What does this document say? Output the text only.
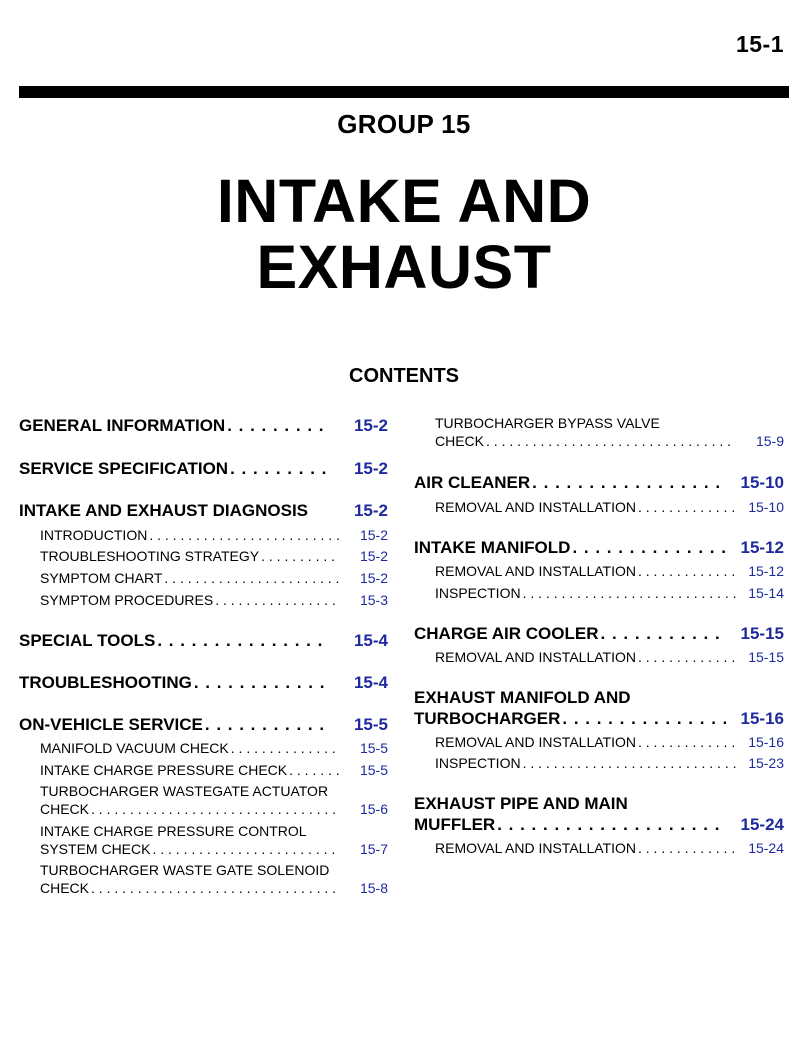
15-1
GROUP 15
INTAKE AND
EXHAUST
CONTENTS
GENERAL INFORMATION . . .	15-2
SERVICE SPECIFICATION . . .	15-2
INTAKE AND EXHAUST DIAGNOSIS	15-2
INTRODUCTION . . .	15-2
TROUBLESHOOTING STRATEGY . . .	15-2
SYMPTOM CHART . . .	15-2
SYMPTOM PROCEDURES . . .	15-3
SPECIAL TOOLS . . .	15-4
TROUBLESHOOTING . . .	15-4
ON-VEHICLE SERVICE . . .	15-5
MANIFOLD VACUUM CHECK . . .	15-5
INTAKE CHARGE PRESSURE CHECK . . .	15-5
TURBOCHARGER WASTEGATE ACTUATOR
CHECK . . .	15-6
INTAKE CHARGE PRESSURE CONTROL
SYSTEM CHECK . . .	15-7
TURBOCHARGER WASTE GATE SOLENOID
CHECK . . .	15-8
TURBOCHARGER BYPASS VALVE
CHECK . . .	15-9
AIR CLEANER . . .	15-10
REMOVAL AND INSTALLATION . . .	15-10
INTAKE MANIFOLD . . .	15-12
REMOVAL AND INSTALLATION . . .	15-12
INSPECTION . . .	15-14
CHARGE AIR COOLER . . .	15-15
REMOVAL AND INSTALLATION . . .	15-15
EXHAUST MANIFOLD AND
TURBOCHARGER . . .	15-16
REMOVAL AND INSTALLATION . . .	15-16
INSPECTION . . .	15-23
EXHAUST PIPE AND MAIN
MUFFLER . . .	15-24
REMOVAL AND INSTALLATION . . .	15-24
